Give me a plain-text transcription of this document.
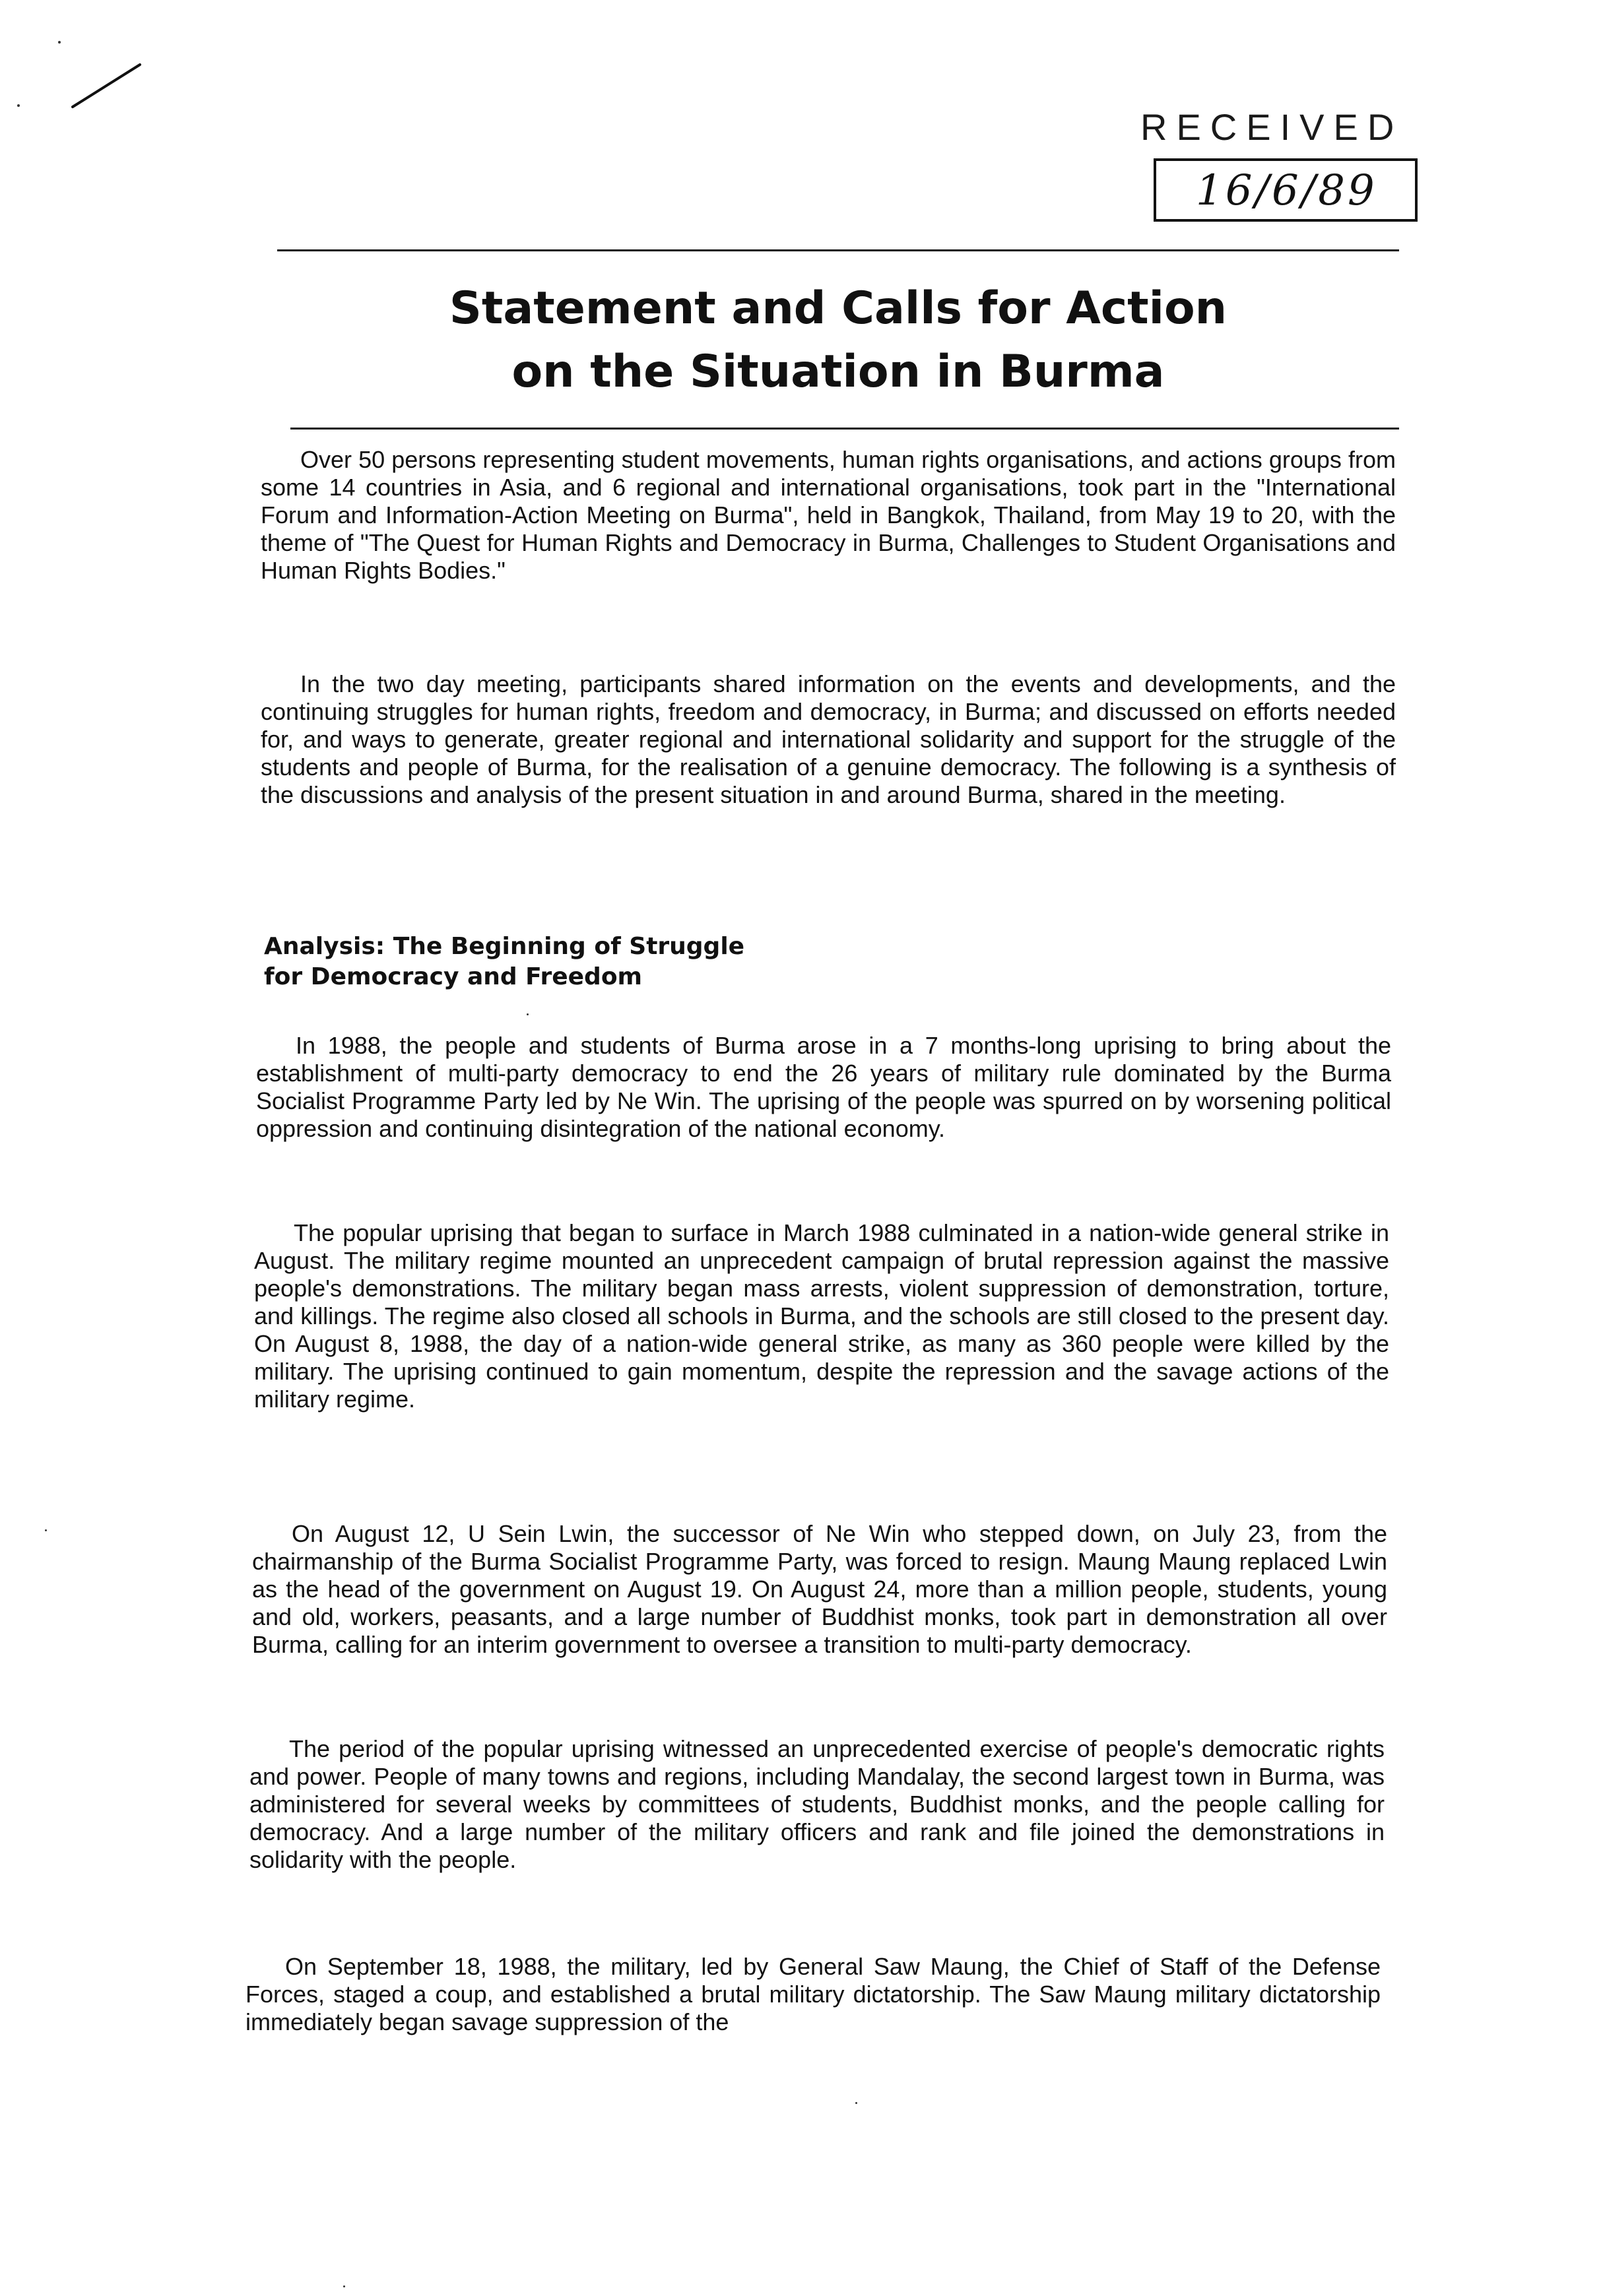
RECEIVED
16/6/89
Statement and Calls for Action
on the Situation in Burma

Over 50 persons representing student movements, human rights organisations, and actions groups from some 14 countries in Asia, and 6 regional and international organisations, took part in the "International Forum and Information-Action Meeting on Burma", held in Bangkok, Thailand, from May 19 to 20, with the theme of "The Quest for Human Rights and Democracy in Burma, Challenges to Student Organisations and Human Rights Bodies."

In the two day meeting, participants shared information on the events and developments, and the continuing struggles for human rights, freedom and democracy, in Burma; and discussed on efforts needed for, and ways to generate, greater regional and international solidarity and support for the struggle of the students and people of Burma, for the realisation of a genuine democracy. The following is a synthesis of the discussions and analysis of the present situation in and around Burma, shared in the meeting.

Analysis: The Beginning of Struggle
for Democracy and Freedom

In 1988, the people and students of Burma arose in a 7 months-long uprising to bring about the establishment of multi-party democracy to end the 26 years of military rule dominated by the Burma Socialist Programme Party led by Ne Win. The uprising of the people was spurred on by worsening political oppression and continuing disintegration of the national economy.

The popular uprising that began to surface in March 1988 culminated in a nation-wide general strike in August. The military regime mounted an unprecedent campaign of brutal repression against the massive people's demonstrations. The military began mass arrests, violent suppression of demonstration, torture, and killings. The regime also closed all schools in Burma, and the schools are still closed to the present day. On August 8, 1988, the day of a nation-wide general strike, as many as 360 people were killed by the military. The uprising continued to gain momentum, despite the repression and the savage actions of the military regime.

On August 12, U Sein Lwin, the successor of Ne Win who stepped down, on July 23, from the chairmanship of the Burma Socialist Programme Party, was forced to resign. Maung Maung replaced Lwin as the head of the government on August 19. On August 24, more than a million people, students, young and old, workers, peasants, and a large number of Buddhist monks, took part in demonstration all over Burma, calling for an interim government to oversee a transition to multi-party democracy.

The period of the popular uprising witnessed an unprecedented exercise of people's democratic rights and power. People of many towns and regions, including Mandalay, the second largest town in Burma, was administered for several weeks by committees of students, Buddhist monks, and the people calling for democracy. And a large number of the military officers and rank and file joined the demonstrations in solidarity with the people.

On September 18, 1988, the military, led by General Saw Maung, the Chief of Staff of the Defense Forces, staged a coup, and established a brutal military dictatorship. The Saw Maung military dictatorship immediately began savage suppression of the
